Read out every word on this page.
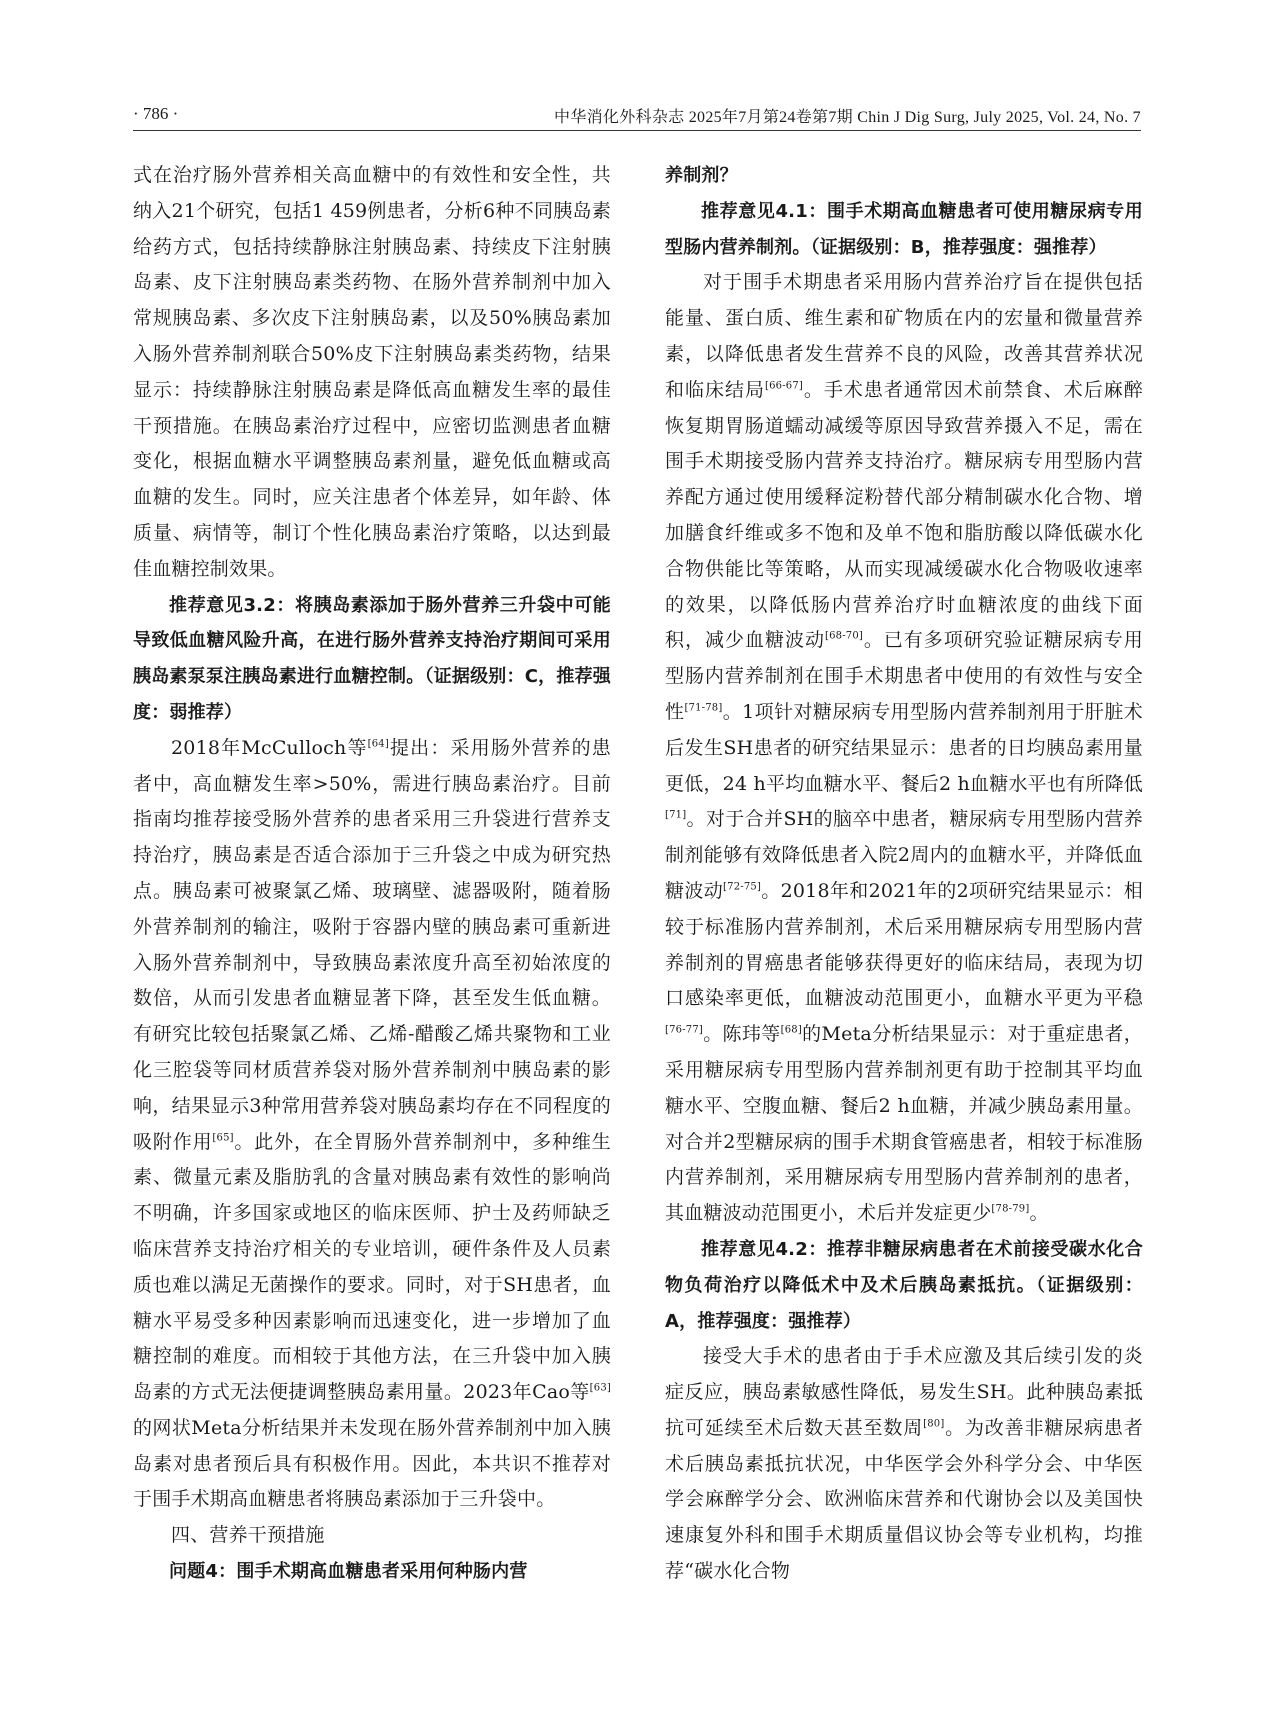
· 786 ·	中华消化外科杂志 2025年7月第24卷第7期 Chin J Dig Surg, July 2025, Vol. 24, No. 7

式在治疗肠外营养相关高血糖中的有效性和安全性，共纳入21个研究，包括1 459例患者，分析6种不同胰岛素给药方式，包括持续静脉注射胰岛素、持续皮下注射胰岛素、皮下注射胰岛素类药物、在肠外营养制剂中加入常规胰岛素、多次皮下注射胰岛素，以及50%胰岛素加入肠外营养制剂联合50%皮下注射胰岛素类药物，结果显示：持续静脉注射胰岛素是降低高血糖发生率的最佳干预措施。在胰岛素治疗过程中，应密切监测患者血糖变化，根据血糖水平调整胰岛素剂量，避免低血糖或高血糖的发生。同时，应关注患者个体差异，如年龄、体质量、病情等，制订个性化胰岛素治疗策略，以达到最佳血糖控制效果。

推荐意见3.2：将胰岛素添加于肠外营养三升袋中可能导致低血糖风险升高，在进行肠外营养支持治疗期间可采用胰岛素泵泵注胰岛素进行血糖控制。（证据级别：C，推荐强度：弱推荐）

2018年McCulloch等[64]提出：采用肠外营养的患者中，高血糖发生率>50%，需进行胰岛素治疗。目前指南均推荐接受肠外营养的患者采用三升袋进行营养支持治疗，胰岛素是否适合添加于三升袋之中成为研究热点。胰岛素可被聚氯乙烯、玻璃壁、滤器吸附，随着肠外营养制剂的输注，吸附于容器内壁的胰岛素可重新进入肠外营养制剂中，导致胰岛素浓度升高至初始浓度的数倍，从而引发患者血糖显著下降，甚至发生低血糖。有研究比较包括聚氯乙烯、乙烯-醋酸乙烯共聚物和工业化三腔袋等同材质营养袋对肠外营养制剂中胰岛素的影响，结果显示3种常用营养袋对胰岛素均存在不同程度的吸附作用[65]。此外，在全胃肠外营养制剂中，多种维生素、微量元素及脂肪乳的含量对胰岛素有效性的影响尚不明确，许多国家或地区的临床医师、护士及药师缺乏临床营养支持治疗相关的专业培训，硬件条件及人员素质也难以满足无菌操作的要求。同时，对于SH患者，血糖水平易受多种因素影响而迅速变化，进一步增加了血糖控制的难度。而相较于其他方法，在三升袋中加入胰岛素的方式无法便捷调整胰岛素用量。2023年Cao等[63]的网状Meta分析结果并未发现在肠外营养制剂中加入胰岛素对患者预后具有积极作用。因此，本共识不推荐对于围手术期高血糖患者将胰岛素添加于三升袋中。

四、营养干预措施

问题4：围手术期高血糖患者采用何种肠内营

养制剂？

推荐意见4.1：围手术期高血糖患者可使用糖尿病专用型肠内营养制剂。（证据级别：B，推荐强度：强推荐）

对于围手术期患者采用肠内营养治疗旨在提供包括能量、蛋白质、维生素和矿物质在内的宏量和微量营养素，以降低患者发生营养不良的风险，改善其营养状况和临床结局[66-67]。手术患者通常因术前禁食、术后麻醉恢复期胃肠道蠕动减缓等原因导致营养摄入不足，需在围手术期接受肠内营养支持治疗。糖尿病专用型肠内营养配方通过使用缓释淀粉替代部分精制碳水化合物、增加膳食纤维或多不饱和及单不饱和脂肪酸以降低碳水化合物供能比等策略，从而实现减缓碳水化合物吸收速率的效果，以降低肠内营养治疗时血糖浓度的曲线下面积，减少血糖波动[68-70]。已有多项研究验证糖尿病专用型肠内营养制剂在围手术期患者中使用的有效性与安全性[71-78]。1项针对糖尿病专用型肠内营养制剂用于肝脏术后发生SH患者的研究结果显示：患者的日均胰岛素用量更低，24 h平均血糖水平、餐后2 h血糖水平也有所降低[71]。对于合并SH的脑卒中患者，糖尿病专用型肠内营养制剂能够有效降低患者入院2周内的血糖水平，并降低血糖波动[72-75]。2018年和2021年的2项研究结果显示：相较于标准肠内营养制剂，术后采用糖尿病专用型肠内营养制剂的胃癌患者能够获得更好的临床结局，表现为切口感染率更低，血糖波动范围更小，血糖水平更为平稳[76-77]。陈玮等[68]的Meta分析结果显示：对于重症患者，采用糖尿病专用型肠内营养制剂更有助于控制其平均血糖水平、空腹血糖、餐后2 h血糖，并减少胰岛素用量。对合并2型糖尿病的围手术期食管癌患者，相较于标准肠内营养制剂，采用糖尿病专用型肠内营养制剂的患者，其血糖波动范围更小，术后并发症更少[78-79]。

推荐意见4.2：推荐非糖尿病患者在术前接受碳水化合物负荷治疗以降低术中及术后胰岛素抵抗。（证据级别：A，推荐强度：强推荐）

接受大手术的患者由于手术应激及其后续引发的炎症反应，胰岛素敏感性降低，易发生SH。此种胰岛素抵抗可延续至术后数天甚至数周[80]。为改善非糖尿病患者术后胰岛素抵抗状况，中华医学会外科学分会、中华医学会麻醉学分会、欧洲临床营养和代谢协会以及美国快速康复外科和围手术期质量倡议协会等专业机构，均推荐“碳水化合物
